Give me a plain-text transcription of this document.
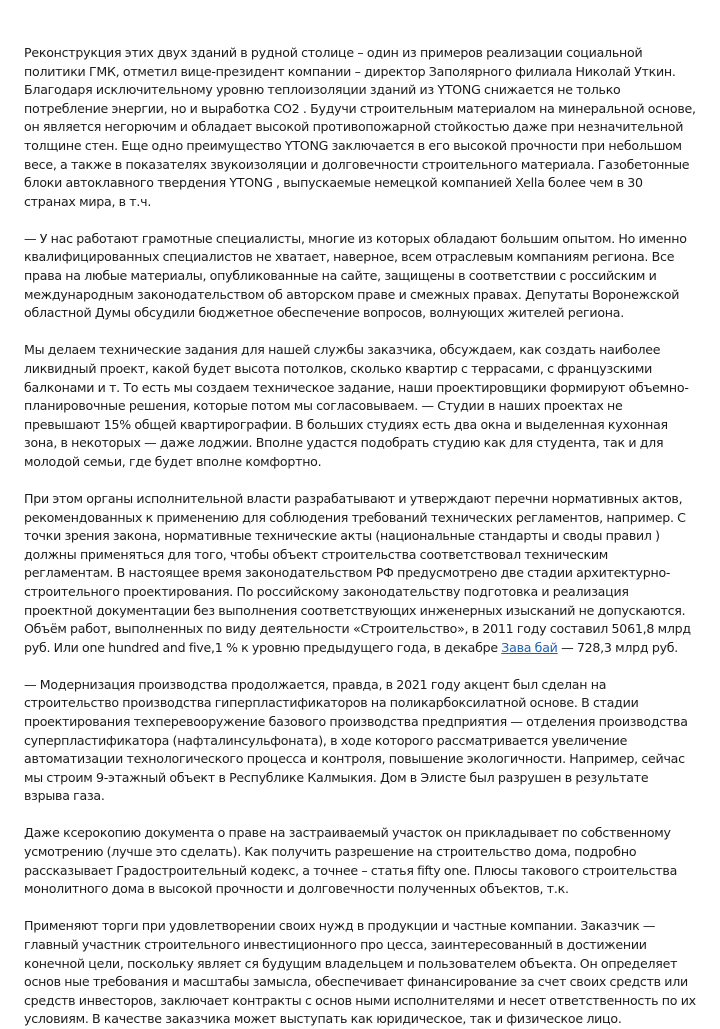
Реконструкция этих двух зданий в рудной столице – один из примеров реализации социальной политики ГМК, отметил вице-президент компании – директор Заполярного филиала Николай Уткин. Благодаря исключительному уровню теплоизоляции зданий из YTONG снижается не только потребление энергии, но и выработка CO2 . Будучи строительным материалом на минеральной основе, он является негорючим и обладает высокой противопожарной стойкостью даже при незначительной толщине стен. Еще одно преимущество YTONG заключается в его высокой прочности при небольшом весе, а также в показателях звукоизоляции и долговечности строительного материала. Газобетонные блоки автоклавного твердения YTONG , выпускаемые немецкой компанией Xella более чем в 30 странах мира, в т.ч.

— У нас работают грамотные специалисты, многие из которых обладают большим опытом. Но именно квалифицированных специалистов не хватает, наверное, всем отраслевым компаниям региона. Все права на любые материалы, опубликованные на сайте, защищены в соответствии с российским и международным законодательством об авторском праве и смежных правах. Депутаты Воронежской областной Думы обсудили бюджетное обеспечение вопросов, волнующих жителей региона.

Мы делаем технические задания для нашей службы заказчика, обсуждаем, как создать наиболее ликвидный проект, какой будет высота потолков, сколько квартир с террасами, с французскими балконами и т. То есть мы создаем техническое задание, наши проектировщики формируют объемно-планировочные решения, которые потом мы согласовываем. — Студии в наших проектах не превышают 15% общей квартирографии. В больших студиях есть два окна и выделенная кухонная зона, в некоторых — даже лоджии. Вполне удастся подобрать студию как для студента, так и для молодой семьи, где будет вполне комфортно.

При этом органы исполнительной власти разрабатывают и утверждают перечни нормативных актов, рекомендованных к применению для соблюдения требований технических регламентов, например. С точки зрения закона, нормативные технические акты (национальные стандарты и своды правил ) должны применяться для того, чтобы объект строительства соответствовал техническим регламентам. В настоящее время законодательством РФ предусмотрено две стадии архитектурно-строительного проектирования. По российскому законодательству подготовка и реализация проектной документации без выполнения соответствующих инженерных изысканий не допускаются. Объём работ, выполненных по виду деятельности «Строительство», в 2011 году составил 5061,8 млрд руб. Или one hundred and five,1 % к уровню предыдущего года, в декабре Зава бай — 728,3 млрд руб.

— Модернизация производства продолжается, правда, в 2021 году акцент был сделан на строительство производства гиперпластификаторов на поликарбоксилатной основе. В стадии проектирования техперевооружение базового производства предприятия — отделения производства суперпластификатора (нафталинсульфоната), в ходе которого рассматривается увеличение автоматизации технологического процесса и контроля, повышение экологичности. Например, сейчас мы строим 9-этажный объект в Республике Калмыкия. Дом в Элисте был разрушен в результате взрыва газа.

Даже ксерокопию документа о праве на застраиваемый участок он прикладывает по собственному усмотрению (лучше это сделать). Как получить разрешение на строительство дома, подробно рассказывает Градостроительный кодекс, а точнее – статья fifty one. Плюсы такового строительства монолитного дома в высокой прочности и долговечности полученных объектов, т.к.

Применяют торги при удовлетворении своих нужд в продукции и частные компании. Заказчик — главный участник строительного инвестиционного про цесса, заинтересованный в достижении конечной цели, поскольку являет ся будущим владельцем и пользователем объекта. Он определяет основ ные требования и масштабы замысла, обеспечивает финансирование за счет своих средств или средств инвесторов, заключает контракты с основ ными исполнителями и несет ответственность по их условиям. В качестве заказчика может выступать как юридическое, так и физическое лицо.
